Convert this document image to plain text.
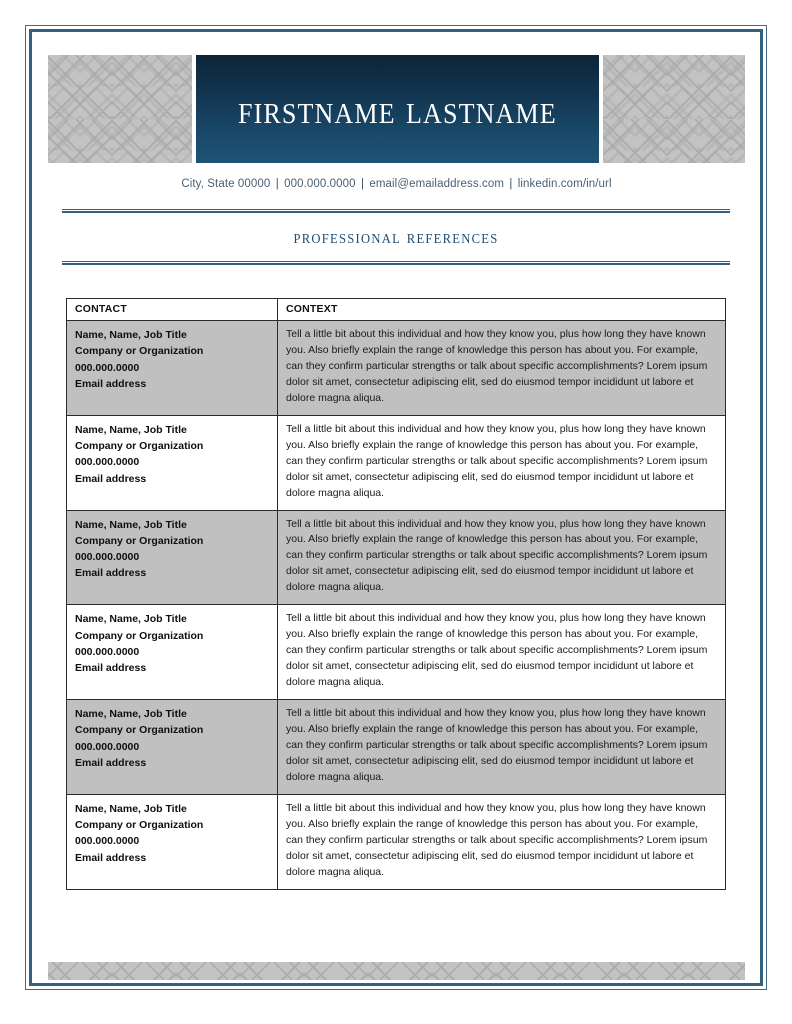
firstname lastname
City, State 00000 | 000.000.0000 | email@emailaddress.com | linkedin.com/in/url
professional references
CONTACT	CONTEXT

Name, Name, Job Title
Company or Organization
000.000.0000
Email address
	Tell a little bit about this individual and how they know you, plus how long they have known you. Also briefly explain the range of knowledge this person has about you. For example, can they confirm particular strengths or talk about specific accomplishments? Lorem ipsum dolor sit amet, consectetur adipiscing elit, sed do eiusmod tempor incididunt ut labore et dolore magna aliqua.

Name, Name, Job Title
Company or Organization
000.000.0000
Email address
	Tell a little bit about this individual and how they know you, plus how long they have known you. Also briefly explain the range of knowledge this person has about you. For example, can they confirm particular strengths or talk about specific accomplishments? Lorem ipsum dolor sit amet, consectetur adipiscing elit, sed do eiusmod tempor incididunt ut labore et dolore magna aliqua.

Name, Name, Job Title
Company or Organization
000.000.0000
Email address
	Tell a little bit about this individual and how they know you, plus how long they have known you. Also briefly explain the range of knowledge this person has about you. For example, can they confirm particular strengths or talk about specific accomplishments? Lorem ipsum dolor sit amet, consectetur adipiscing elit, sed do eiusmod tempor incididunt ut labore et dolore magna aliqua.

Name, Name, Job Title
Company or Organization
000.000.0000
Email address
	Tell a little bit about this individual and how they know you, plus how long they have known you. Also briefly explain the range of knowledge this person has about you. For example, can they confirm particular strengths or talk about specific accomplishments? Lorem ipsum dolor sit amet, consectetur adipiscing elit, sed do eiusmod tempor incididunt ut labore et dolore magna aliqua.

Name, Name, Job Title
Company or Organization
000.000.0000
Email address
	Tell a little bit about this individual and how they know you, plus how long they have known you. Also briefly explain the range of knowledge this person has about you. For example, can they confirm particular strengths or talk about specific accomplishments? Lorem ipsum dolor sit amet, consectetur adipiscing elit, sed do eiusmod tempor incididunt ut labore et dolore magna aliqua.

Name, Name, Job Title
Company or Organization
000.000.0000
Email address
	Tell a little bit about this individual and how they know you, plus how long they have known you. Also briefly explain the range of knowledge this person has about you. For example, can they confirm particular strengths or talk about specific accomplishments? Lorem ipsum dolor sit amet, consectetur adipiscing elit, sed do eiusmod tempor incididunt ut labore et dolore magna aliqua.
